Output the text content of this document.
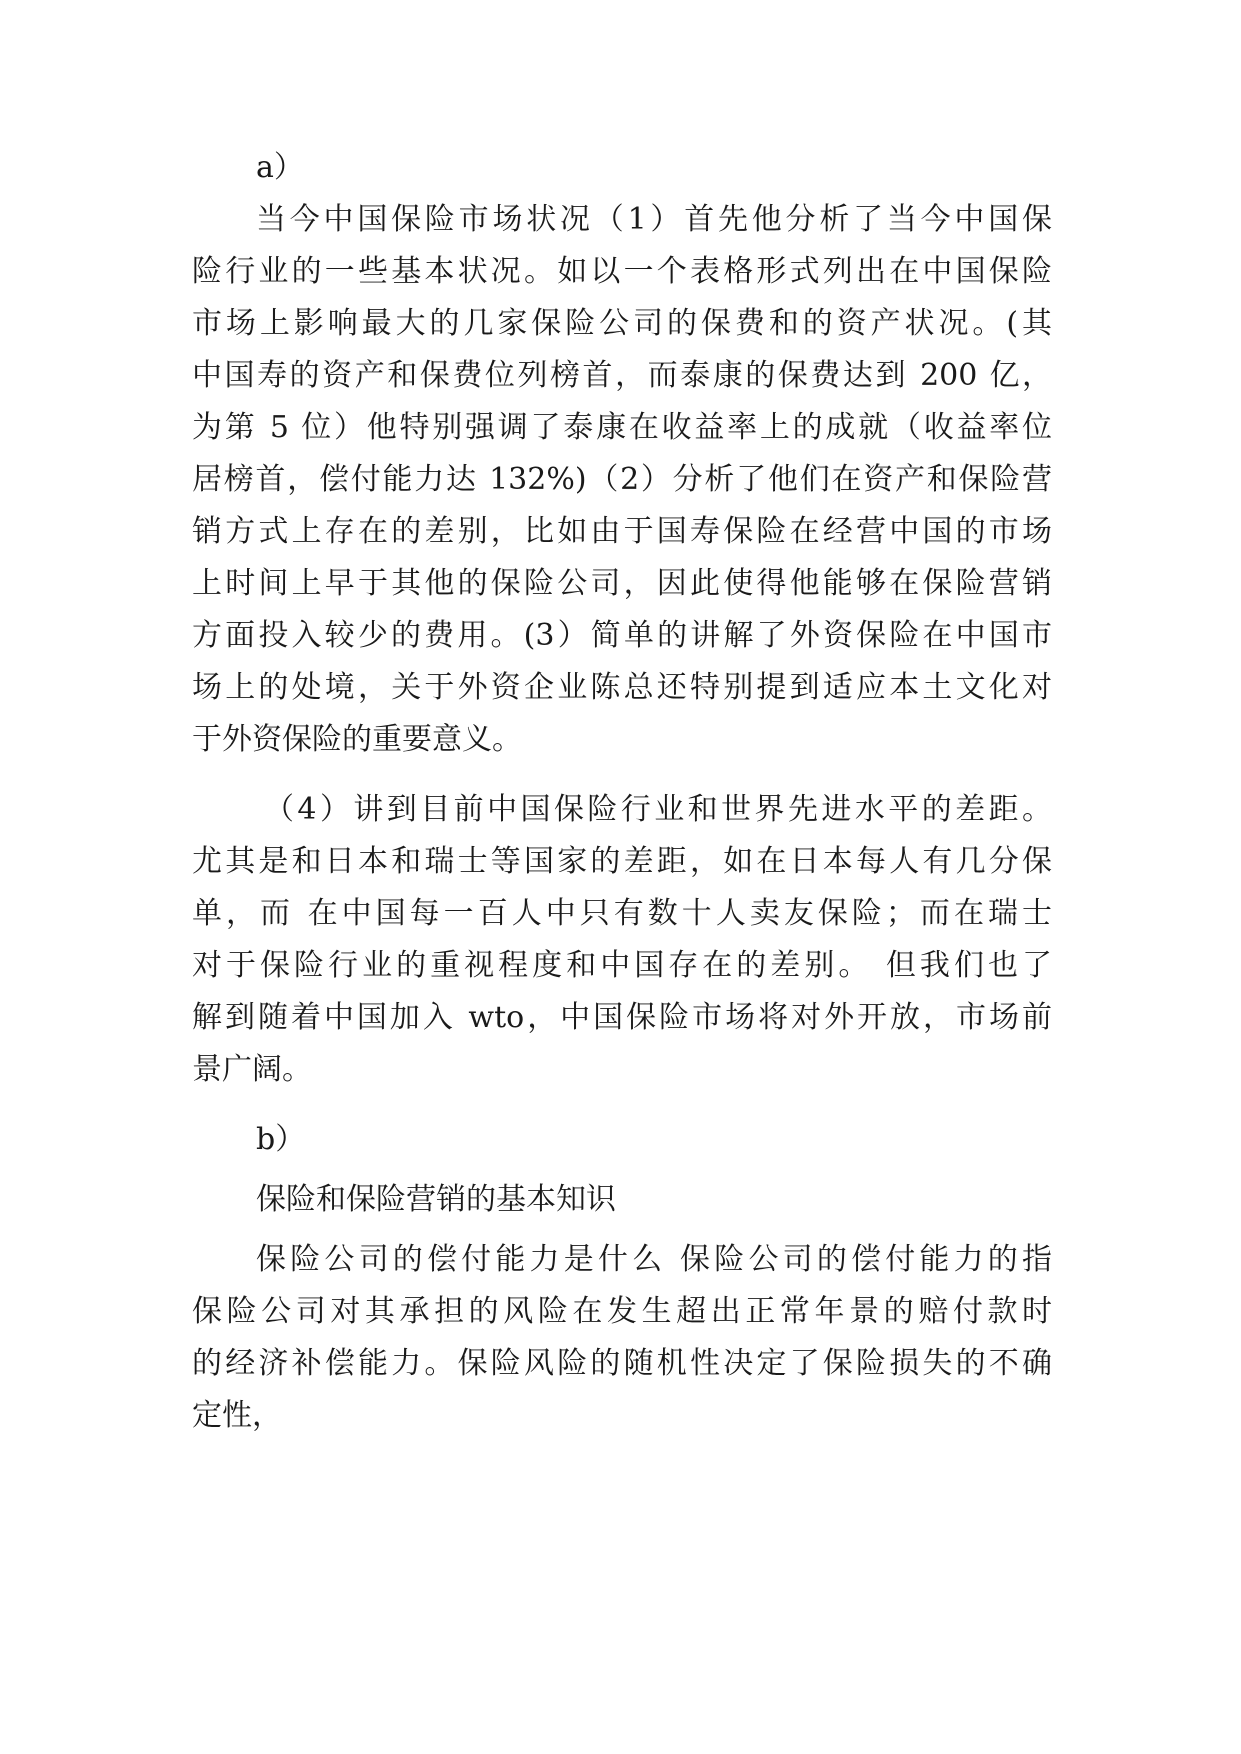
a）
当今中国保险市场状况（1）首先他分析了当今中国保
险行业的一些基本状况。如以一个表格形式列出在中国保险
市场上影响最大的几家保险公司的保费和的资产状况。(其
中国寿的资产和保费位列榜首，而泰康的保费达到 200 亿，
为第 5 位）他特别强调了泰康在收益率上的成就（收益率位
居榜首，偿付能力达 132%)（2）分析了他们在资产和保险营
销方式上存在的差别，比如由于国寿保险在经营中国的市场
上时间上早于其他的保险公司，因此使得他能够在保险营销
方面投入较少的费用。(3）简单的讲解了外资保险在中国市
场上的处境，关于外资企业陈总还特别提到适应本土文化对
于外资保险的重要意义。
（4）讲到目前中国保险行业和世界先进水平的差距。
尤其是和日本和瑞士等国家的差距，如在日本每人有几分保
单，而 在中国每一百人中只有数十人卖友保险；而在瑞士
对于保险行业的重视程度和中国存在的差别。 但我们也了
解到随着中国加入 wto，中国保险市场将对外开放，市场前
景广阔。
b）
保险和保险营销的基本知识
保险公司的偿付能力是什么 保险公司的偿付能力的指
保险公司对其承担的风险在发生超出正常年景的赔付款时
的经济补偿能力。保险风险的随机性决定了保险损失的不确
定性，
